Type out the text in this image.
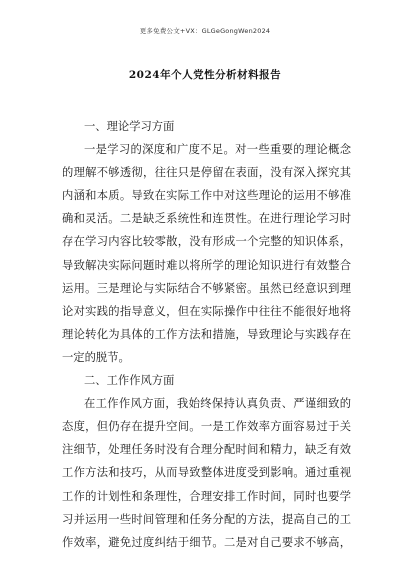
更多免费公文+VX：GLGeGongWen2024
2024年个人党性分析材料报告
一、理论学习方面
一是学习的深度和广度不足。对一些重要的理论概念
的理解不够透彻，往往只是停留在表面，没有深入探究其
内涵和本质。导致在实际工作中对这些理论的运用不够准
确和灵活。二是缺乏系统性和连贯性。在进行理论学习时
存在学习内容比较零散，没有形成一个完整的知识体系，
导致解决实际问题时难以将所学的理论知识进行有效整合
运用。三是理论与实际结合不够紧密。虽然已经意识到理
论对实践的指导意义，但在实际操作中往往不能很好地将
理论转化为具体的工作方法和措施，导致理论与实践存在
一定的脱节。
二、工作作风方面
在工作作风方面，我始终保持认真负责、严谨细致的
态度，但仍存在提升空间。一是工作效率方面容易过于关
注细节，处理任务时没有合理分配时间和精力，缺乏有效
工作方法和技巧，从而导致整体进度受到影响。通过重视
工作的计划性和条理性，合理安排工作时间，同时也要学
习并运用一些时间管理和任务分配的方法，提高自己的工
作效率，避免过度纠结于细节。二是对自己要求不够高，
